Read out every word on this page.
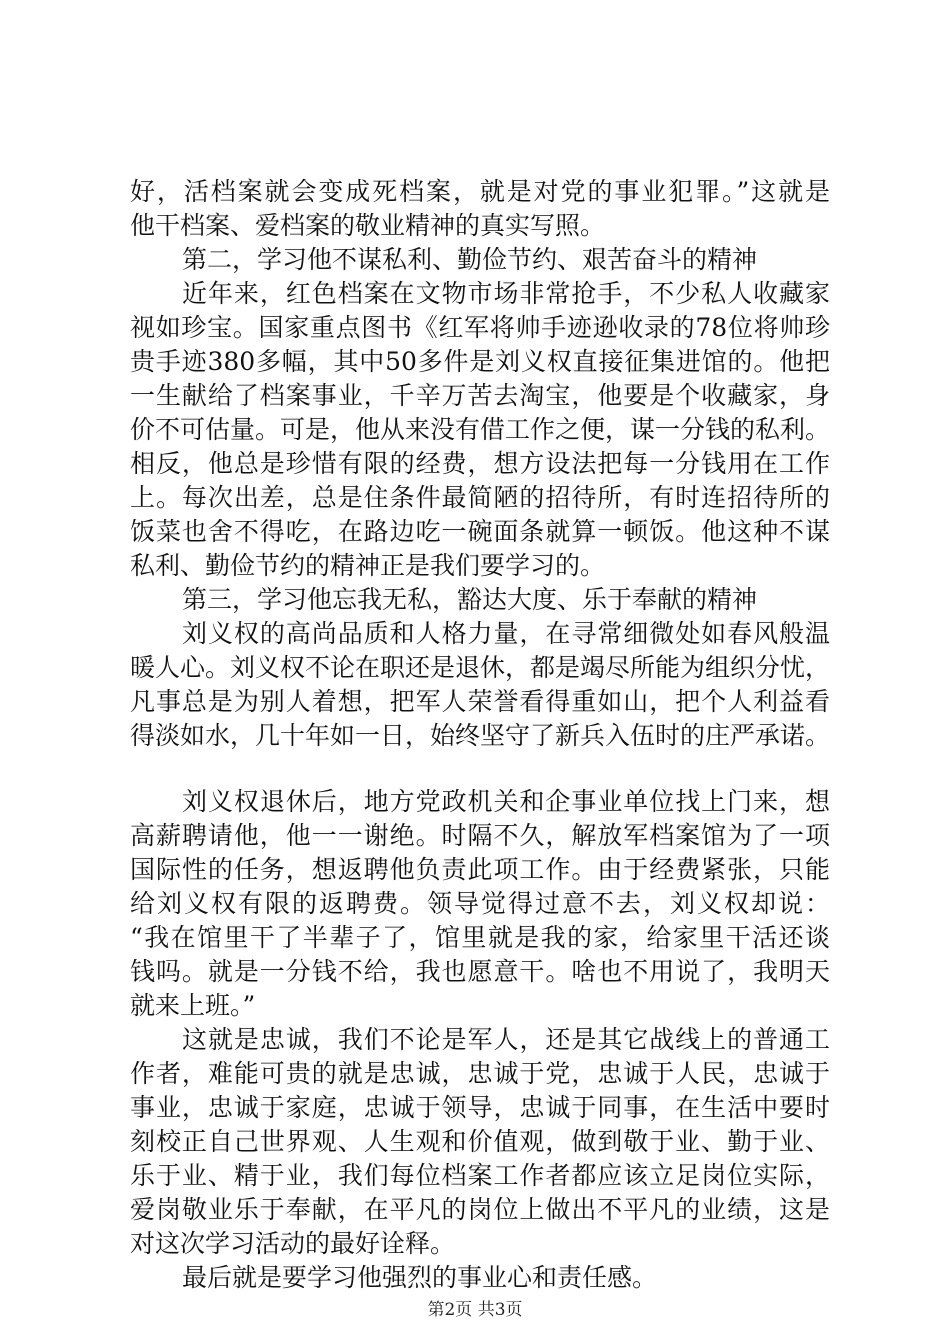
好，活档案就会变成死档案，就是对党的事业犯罪。”这就是
他干档案、爱档案的敬业精神的真实写照。
第二，学习他不谋私利、勤俭节约、艰苦奋斗的精神
近年来，红色档案在文物市场非常抢手，不少私人收藏家
视如珍宝。国家重点图书《红军将帅手迹逊收录的78位将帅珍
贵手迹380多幅，其中50多件是刘义权直接征集进馆的。他把
一生献给了档案事业，千辛万苦去淘宝，他要是个收藏家，身
价不可估量。可是，他从来没有借工作之便，谋一分钱的私利。
相反，他总是珍惜有限的经费，想方设法把每一分钱用在工作
上。每次出差，总是住条件最简陋的招待所，有时连招待所的
饭菜也舍不得吃，在路边吃一碗面条就算一顿饭。他这种不谋
私利、勤俭节约的精神正是我们要学习的。
第三，学习他忘我无私，豁达大度、乐于奉献的精神
刘义权的高尚品质和人格力量，在寻常细微处如春风般温
暖人心。刘义权不论在职还是退休，都是竭尽所能为组织分忧，
凡事总是为别人着想，把军人荣誉看得重如山，把个人利益看
得淡如水，几十年如一日，始终坚守了新兵入伍时的庄严承诺。
刘义权退休后，地方党政机关和企事业单位找上门来，想
高薪聘请他，他一一谢绝。时隔不久，解放军档案馆为了一项
国际性的任务，想返聘他负责此项工作。由于经费紧张，只能
给刘义权有限的返聘费。领导觉得过意不去，刘义权却说：
“我在馆里干了半辈子了，馆里就是我的家，给家里干活还谈
钱吗。就是一分钱不给，我也愿意干。啥也不用说了，我明天
就来上班。”
这就是忠诚，我们不论是军人，还是其它战线上的普通工
作者，难能可贵的就是忠诚，忠诚于党，忠诚于人民，忠诚于
事业，忠诚于家庭，忠诚于领导，忠诚于同事，在生活中要时
刻校正自己世界观、人生观和价值观，做到敬于业、勤于业、
乐于业、精于业，我们每位档案工作者都应该立足岗位实际，
爱岗敬业乐于奉献，在平凡的岗位上做出不平凡的业绩，这是
对这次学习活动的最好诠释。
最后就是要学习他强烈的事业心和责任感。
第2页 共3页
